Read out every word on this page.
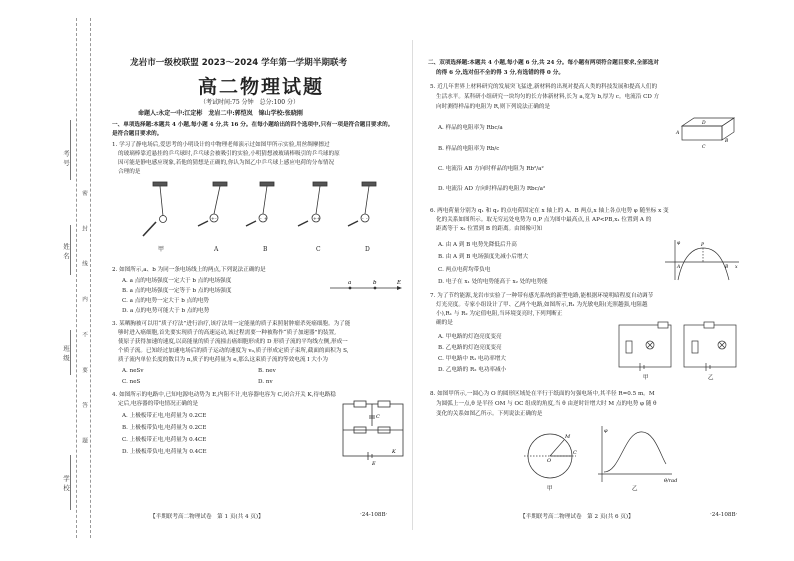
考号
姓名
班级
学校
密 封 线 内 不 要 答 题
龙岩市一级校联盟 2023～2024 学年第一学期半期联考
高二物理试题
（考试时间:75 分钟　总分:100 分）
命题人:永定一中:江定彬　龙岩二中:郭恺岚　锦山学校:张晓刚
一、单项选择题:本题共 4 小题,每小题 4 分,共 16 分。在每小题给出的四个选项中,只有一项是符合题目要求的。
是符合题目要求的。
1. 学习了静电场后,爱思考的小明设计的中物理老师演示过如图甲所示实验,用丝绸摩擦过
的玻璃棒靠近悬挂的乒乓球时,乒乓球会被吸引的实验,小明猜想被玻璃棒吸引的乒乓球的原
因可能是静电感应现象,若他的猜想是正确的,你认为图乙中乒乓球上感应电荷的分布情况
合理的是
+ -	- +	+ +	- -
甲	A	B	C	D
2. 如图所示,a、b 为同一条电场线上的两点,下列说法正确的是
a	b	E
A. a 点的电场强度一定大于 b 点的电场强度
B. a 点的电场强度一定等于 b 点的电场强度
C. a 点的电势一定大于 b 点的电势
D. a 点的电势可能大于 b 点的电势
3. 某晒胸被可以用“质子疗法”进行治疗,该疗法用一定能量的质子束照射肿瘤杀死癌细胞。为了能
够时进入癌细胞,首先要实现质子的高速运动,该过程需要一种被称作“质子加速器”的装置,
使原子获得加速的速度,以高能量的质子流撞击癌细胞形成的 D 形质子流的平均线左侧,形成一
个质子流。已知经过加速电场后的质子运动的速度为 v₀,质子形成定质子束所,截面的面积为 S,
质子流内单位长度的数目为 n,质子的电荷量为 e,那么这束质子流的等效电流 I 大小为
A. neSv	B. nev
C. neS	D. nv
4. 如图所示的电路中,已知电源电动势为 E,内阻不计,电容器电容为 C,闭合开关 K,待电路稳
定后,电容器的带电情况正确的是
A. 上极板带正电,电荷量为 0.2CE
B. 上极板带负电,电荷量为 0.2CE
C. 上极板带正电,电荷量为 0.4CE
D. 上极板带负电,电荷量为 0.4CE
C
E
K
【半期联考高二物理试卷　第 1 页(共 4 页)】	·24-108B·
二、双项选择题:本题共 4 小题,每小题 6 分,共 24 分。每小题有两项符合题目要求,全部选对
的得 6 分,选对但不全的得 3 分,有选错的得 0 分。
5. 近几年世界上材料研究的发展突飞猛进,新材料的出现对提高人类的科技发展和提高人们的
生活水平。某科研小组研究一块均匀的长方体新材料,长为 a,宽为 b,厚为 c。电流沿 CD 方
向时测得样品的电阻为 R,则下列说法正确的是
A. 样品的电阻率为 Rbc/a
B. 样品的电阻率为 Rb/c
C. 电流沿 AB 方向时样品的电阻为 Rb²/a²
D. 电流沿 AD 方向时样品的电阻为 Rbc/a²
A
B
D
C
6. 两电荷量分别为 q₁ 和 q₂ 的点电荷固定在 x 轴上的 A、B 两点,x 轴上各点电势 φ 随坐标 x 变
化的关系如图所示。取无穷远处电势为 0,P 点为图中最高点,且 AP<PB,x₁ 位置到 A 的
距离等于 x₂ 位置到 B 的距离。由图像可知
A. 由 A 到 B 电势先降低后升高
B. 由 A 到 B 电场强度先减小后增大
C. 两点电荷均带负电
D. 电子在 x₁ 处的电势能高于 x₂ 处的电势能
φ
x
A	B
P
7. 为了节约能源,龙岩市实验了一种带有感光系统的新型电路,能根据环境明暗程度自动调节
灯光亮度。专家小组设计了甲、乙两个电路,如图所示,R₁ 为光敏电阻(光照越强,电阻越
小),R₁ 与 R₂ 为定值电阻,当环境变亮时,下列判断正
确的是
A. 甲电路的灯泡亮度变亮
B. 乙电路的灯泡亮度变亮
C. 甲电路中 R₁ 电功率增大
D. 乙电路的 R₂ 电功率减小
甲	乙
8. 如图甲所示,一圆心为 O 的圆形区域处在平行于纸面的匀强电场中,其半径 R=0.5 m。M
为圆弧上一点,θ 是半径 OM 与 OC 组成的角度,当 θ 由逆时针增大时 M 点的电势 φ 随 θ
变化的关系如图乙所示。下列说法正确的是
O
C
M
φ
θ/rad
甲	乙
【半期联考高二物理试卷　第 2 页(共 6 页)】	·24-108B·
